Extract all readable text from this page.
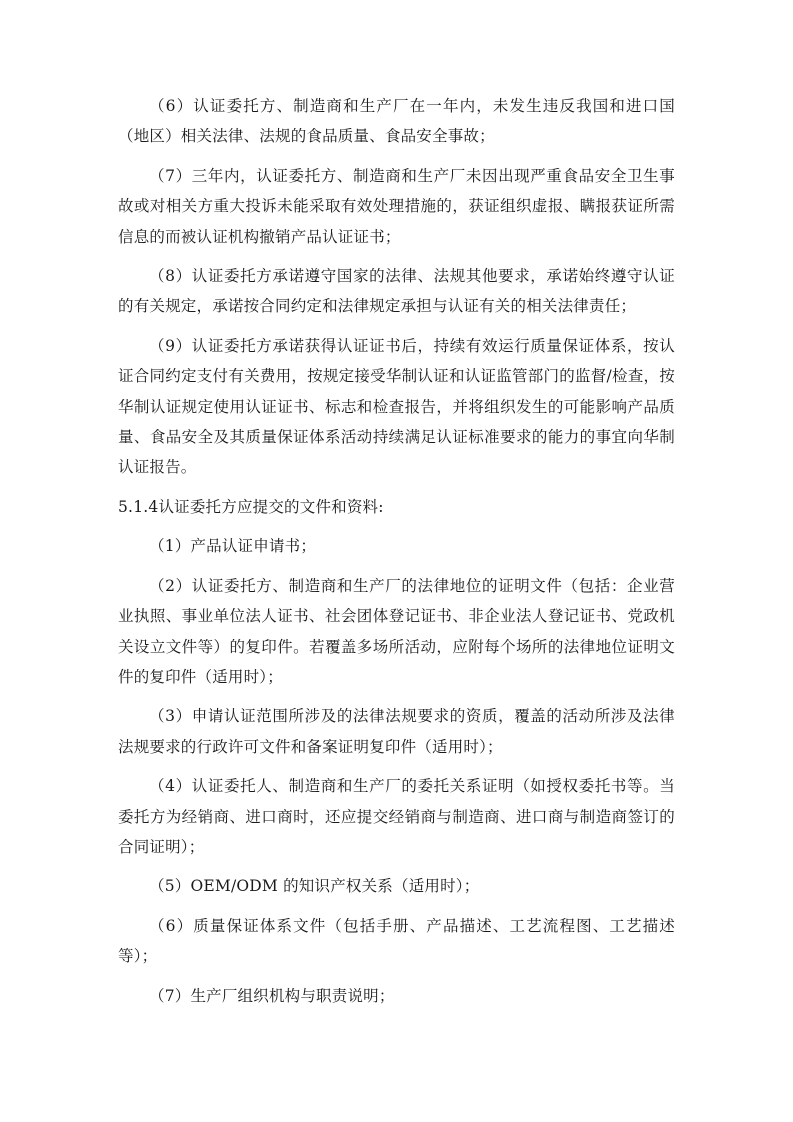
（6）认证委托方、制造商和生产厂在一年内，未发生违反我国和进口国（地区）相关法律、法规的食品质量、食品安全事故；

（7）三年内，认证委托方、制造商和生产厂未因出现严重食品安全卫生事故或对相关方重大投诉未能采取有效处理措施的，获证组织虚报、瞒报获证所需信息的而被认证机构撤销产品认证证书；

（8）认证委托方承诺遵守国家的法律、法规其他要求，承诺始终遵守认证的有关规定，承诺按合同约定和法律规定承担与认证有关的相关法律责任；

（9）认证委托方承诺获得认证证书后，持续有效运行质量保证体系，按认证合同约定支付有关费用，按规定接受华制认证和认证监管部门的监督/检查，按华制认证规定使用认证证书、标志和检查报告，并将组织发生的可能影响产品质量、食品安全及其质量保证体系活动持续满足认证标准要求的能力的事宜向华制认证报告。

5.1.4认证委托方应提交的文件和资料:

（1）产品认证申请书；

（2）认证委托方、制造商和生产厂的法律地位的证明文件（包括：企业营业执照、事业单位法人证书、社会团体登记证书、非企业法人登记证书、党政机关设立文件等）的复印件。若覆盖多场所活动，应附每个场所的法律地位证明文件的复印件（适用时）；

（3）申请认证范围所涉及的法律法规要求的资质，覆盖的活动所涉及法律法规要求的行政许可文件和备案证明复印件（适用时）；

（4）认证委托人、制造商和生产厂的委托关系证明（如授权委托书等。当委托方为经销商、进口商时，还应提交经销商与制造商、进口商与制造商签订的合同证明）；

（5）OEM/ODM 的知识产权关系（适用时）；

（6）质量保证体系文件（包括手册、产品描述、工艺流程图、工艺描述等）；

（7）生产厂组织机构与职责说明；
